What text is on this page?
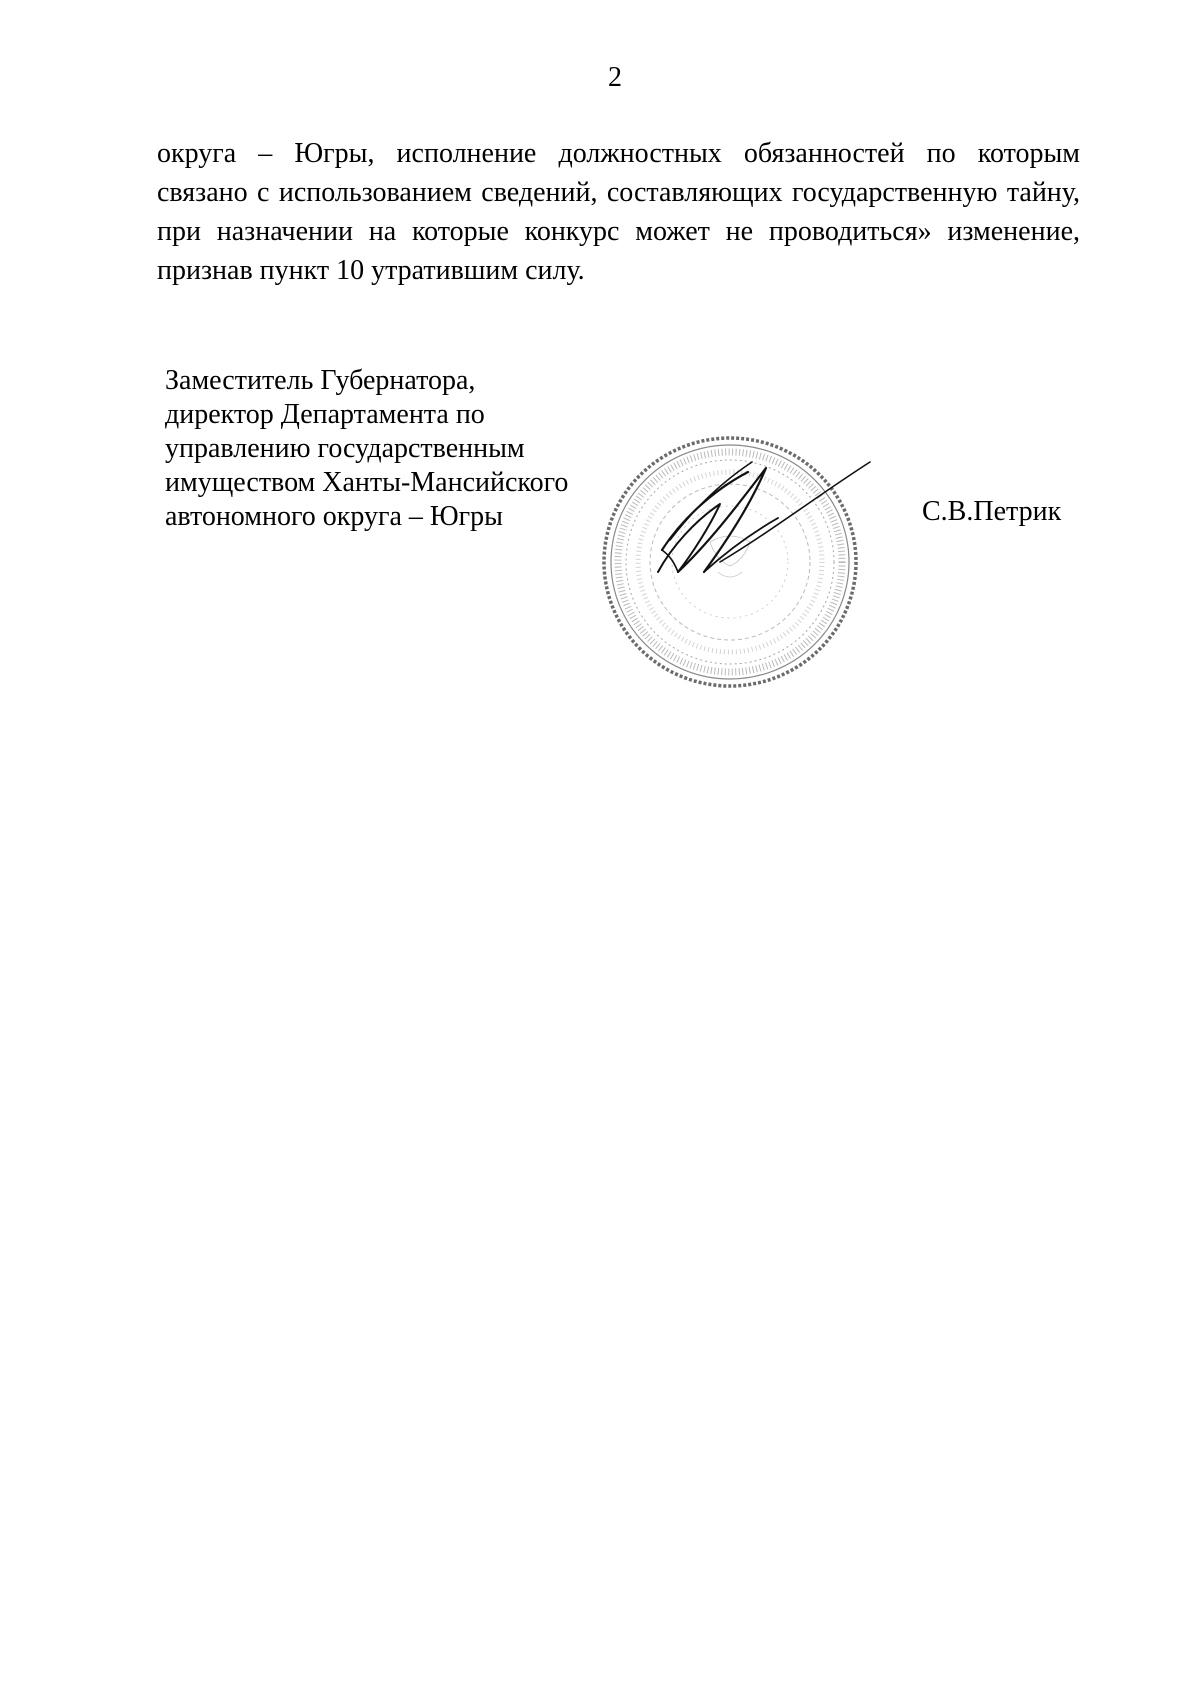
2
округа – Югры, исполнение должностных обязанностей по которым
связано с использованием сведений, составляющих государственную тайну,
при назначении на которые конкурс может не проводиться» изменение,
признав пункт 10 утратившим силу.
Заместитель Губернатора,
директор Департамента по
управлению государственным
имуществом Ханты-Мансийского
автономного округа – Югры	С.В.Петрик
